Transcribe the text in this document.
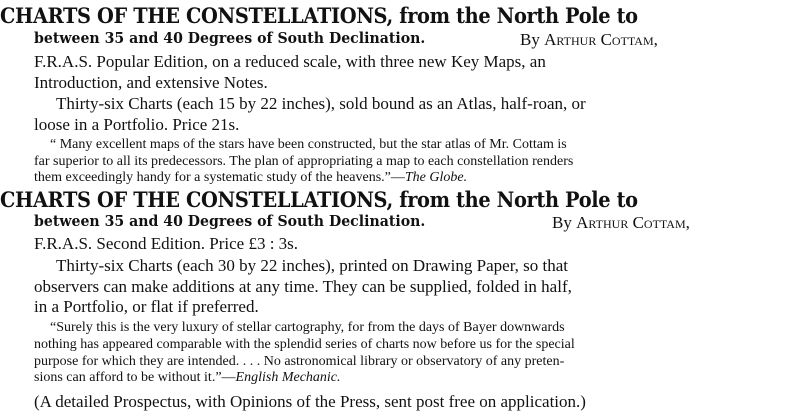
CHARTS OF THE CONSTELLATIONS, from the North Pole to
between 35 and 40 Degrees of South Declination.	By Arthur Cottam,
F.R.A.S. Popular Edition, on a reduced scale, with three new Key Maps, an
Introduction, and extensive Notes.
Thirty-six Charts (each 15 by 22 inches), sold bound as an Atlas, half-roan, or
loose in a Portfolio. Price 21s.
“ Many excellent maps of the stars have been constructed, but the star atlas of Mr. Cottam is
far superior to all its predecessors. The plan of appropriating a map to each constellation renders
them exceedingly handy for a systematic study of the heavens.”—The Globe.
CHARTS OF THE CONSTELLATIONS, from the North Pole to
between 35 and 40 Degrees of South Declination.	By Arthur Cottam,
F.R.A.S. Second Edition. Price £3 : 3s.
Thirty-six Charts (each 30 by 22 inches), printed on Drawing Paper, so that
observers can make additions at any time. They can be supplied, folded in half,
in a Portfolio, or flat if preferred.
“Surely this is the very luxury of stellar cartography, for from the days of Bayer downwards
nothing has appeared comparable with the splendid series of charts now before us for the special
purpose for which they are intended. . . . No astronomical library or observatory of any preten-
sions can afford to be without it.”—English Mechanic.
(A detailed Prospectus, with Opinions of the Press, sent post free on application.)
